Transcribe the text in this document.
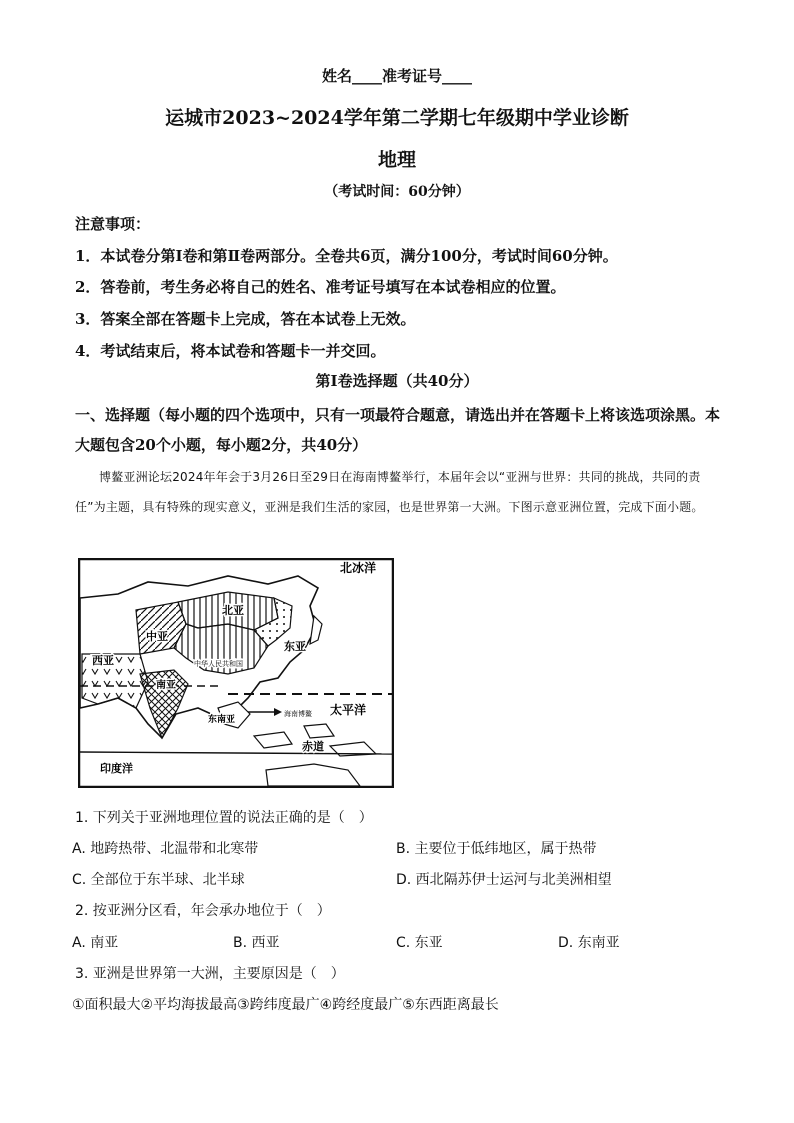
姓名____准考证号____
运城市2023~2024学年第二学期七年级期中学业诊断
地理
（考试时间：60分钟）
注意事项：
1．本试卷分第Ⅰ卷和第Ⅱ卷两部分。全卷共6页，满分100分，考试时间60分钟。
2．答卷前，考生务必将自己的姓名、准考证号填写在本试卷相应的位置。
3．答案全部在答题卡上完成，答在本试卷上无效。
4．考试结束后，将本试卷和答题卡一并交回。
第Ⅰ卷选择题（共40分）
一、选择题（每小题的四个选项中，只有一项最符合题意，请选出并在答题卡上将该选项涂黑。本大题包含20个小题，每小题2分，共40分）
博鳌亚洲论坛2024年年会于3月26日至29日在海南博鳌举行，本届年会以“亚洲与世界：共同的挑战，共同的责任”为主题，具有特殊的现实意义，亚洲是我们生活的家园，也是世界第一大洲。下图示意亚洲位置，完成下面小题。
北冰洋
北亚
中亚
东亚
西亚
南亚
中华人民共和国
东南亚
海南博鳌 太平洋
赤道
印度洋
1. 下列关于亚洲地理位置的说法正确的是（　）
A. 地跨热带、北温带和北寒带	B. 主要位于低纬地区，属于热带
C. 全部位于东半球、北半球	D. 西北隔苏伊士运河与北美洲相望
2. 按亚洲分区看，年会承办地位于（　）
A. 南亚	B. 西亚	C. 东亚	D. 东南亚
3. 亚洲是世界第一大洲，主要原因是（　）
①面积最大②平均海拔最高③跨纬度最广④跨经度最广⑤东西距离最长
